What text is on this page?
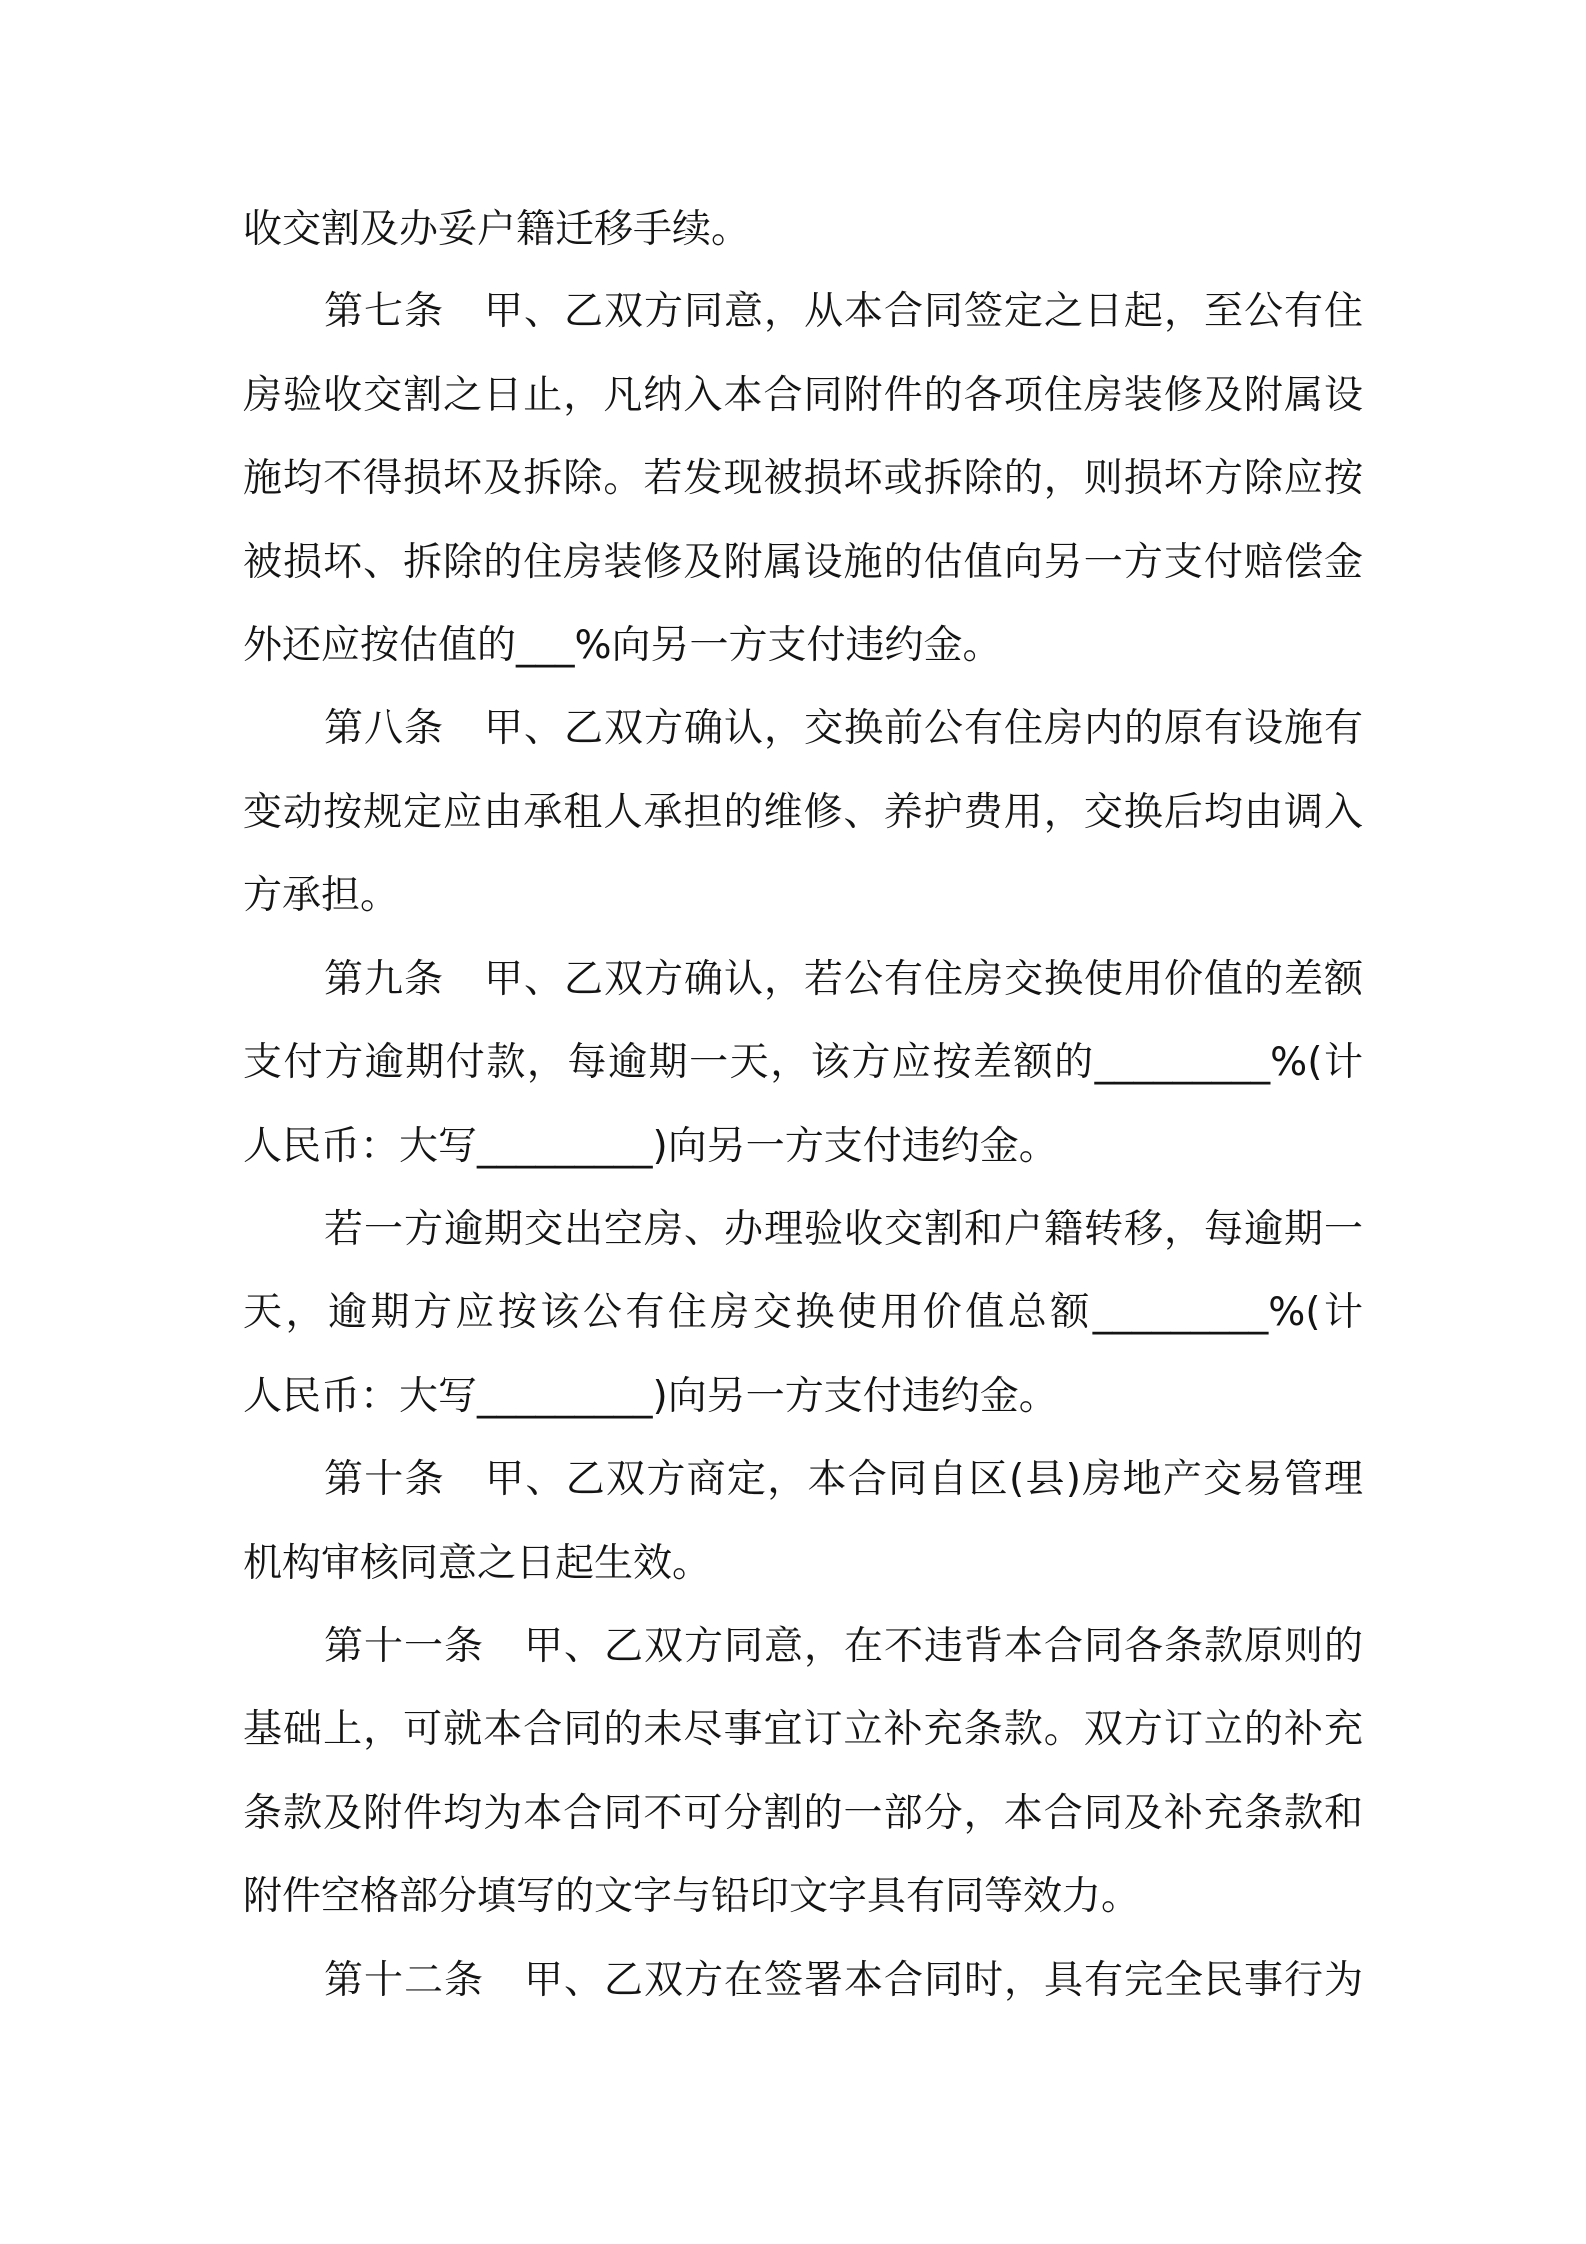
收交割及办妥户籍迁移手续。
第七条　甲、乙双方同意，从本合同签定之日起，至公有住
房验收交割之日止，凡纳入本合同附件的各项住房装修及附属设
施均不得损坏及拆除。若发现被损坏或拆除的，则损坏方除应按
被损坏、拆除的住房装修及附属设施的估值向另一方支付赔偿金
外还应按估值的___%向另一方支付违约金。
第八条　甲、乙双方确认，交换前公有住房内的原有设施有
变动按规定应由承租人承担的维修、养护费用，交换后均由调入
方承担。
第九条　甲、乙双方确认，若公有住房交换使用价值的差额
支付方逾期付款，每逾期一天，该方应按差额的_________%(计
人民币：大写_________)向另一方支付违约金。
若一方逾期交出空房、办理验收交割和户籍转移，每逾期一
天，逾期方应按该公有住房交换使用价值总额_________%(计
人民币：大写_________)向另一方支付违约金。
第十条　甲、乙双方商定，本合同自区(县)房地产交易管理
机构审核同意之日起生效。
第十一条　甲、乙双方同意，在不违背本合同各条款原则的
基础上，可就本合同的未尽事宜订立补充条款。双方订立的补充
条款及附件均为本合同不可分割的一部分，本合同及补充条款和
附件空格部分填写的文字与铅印文字具有同等效力。
第十二条　甲、乙双方在签署本合同时，具有完全民事行为
